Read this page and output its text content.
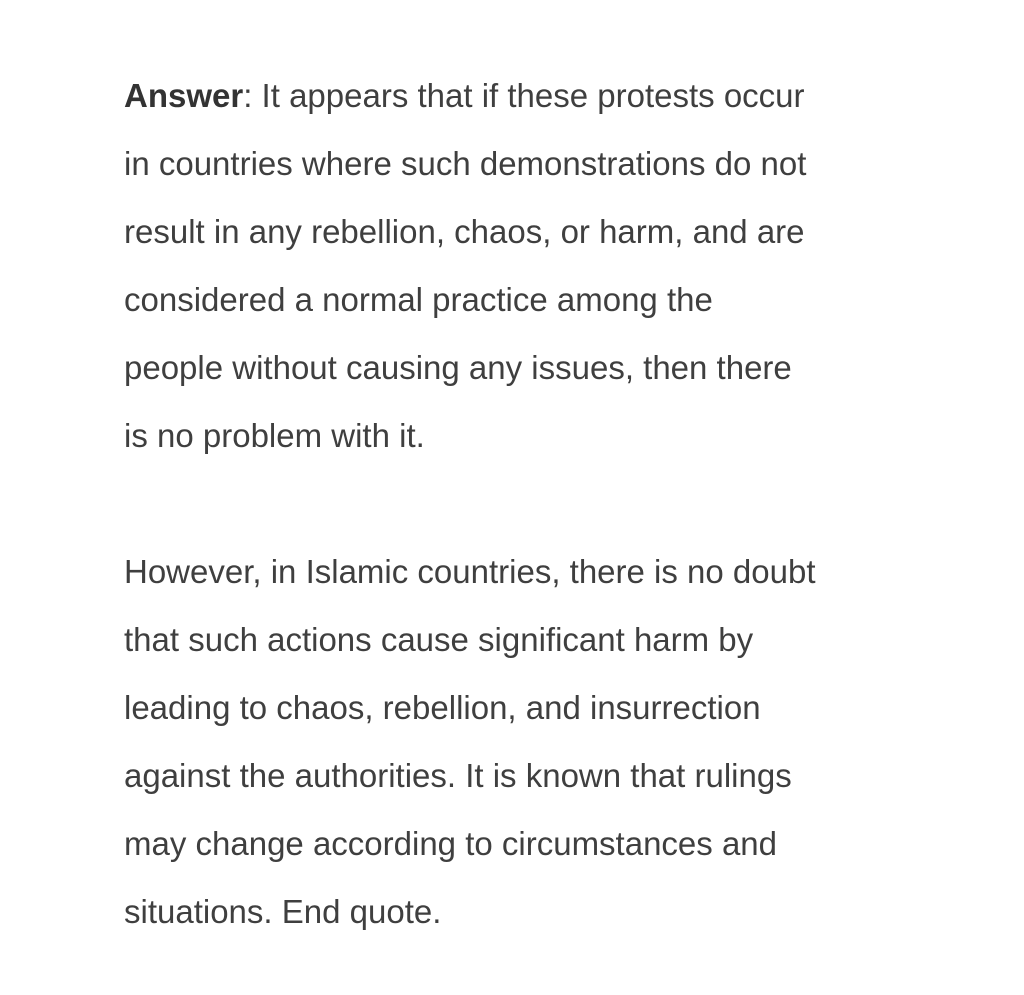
Answer: It appears that if these protests occur
in countries where such demonstrations do not
result in any rebellion, chaos, or harm, and are
considered a normal practice among the
people without causing any issues, then there
is no problem with it.

However, in Islamic countries, there is no doubt
that such actions cause significant harm by
leading to chaos, rebellion, and insurrection
against the authorities. It is known that rulings
may change according to circumstances and
situations. End quote.
